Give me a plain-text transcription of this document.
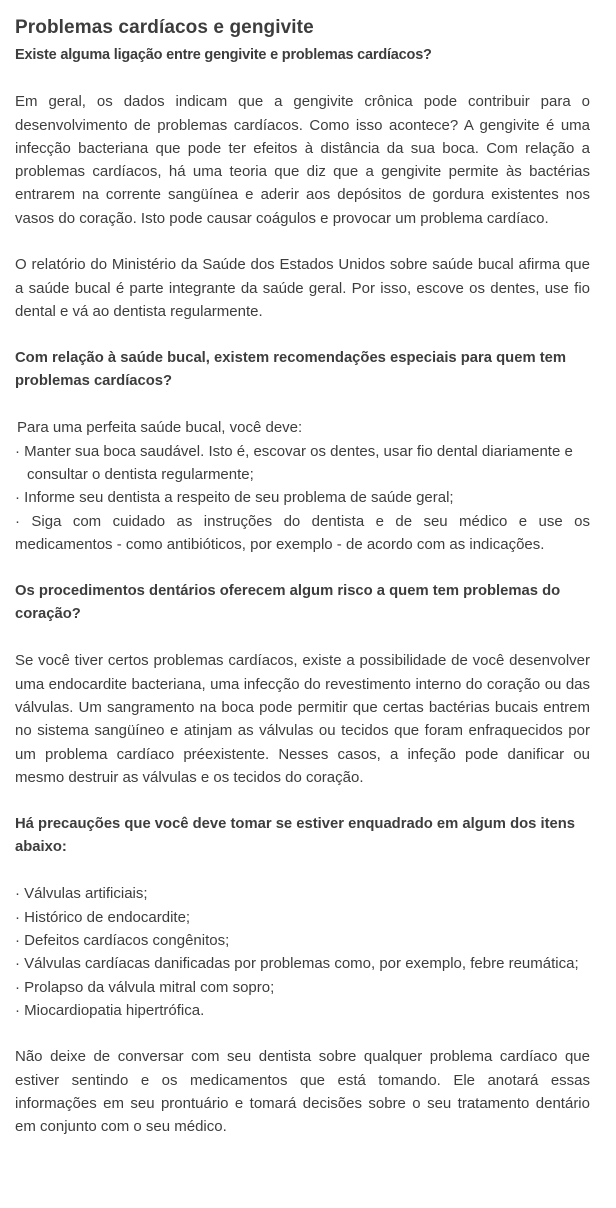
Problemas cardíacos e gengivite
Existe alguma ligação entre gengivite e problemas cardíacos?

Em geral, os dados indicam que a gengivite crônica pode contribuir para o desenvolvimento de problemas cardíacos. Como isso acontece? A gengivite é uma infecção bacteriana que pode ter efeitos à distância da sua boca. Com relação a problemas cardíacos, há uma teoria que diz que a gengivite permite às bactérias entrarem na corrente sangüínea e aderir aos depósitos de gordura existentes nos vasos do coração. Isto pode causar coágulos e provocar um problema cardíaco.

O relatório do Ministério da Saúde dos Estados Unidos sobre saúde bucal afirma que a saúde bucal é parte integrante da saúde geral. Por isso, escove os dentes, use fio dental e vá ao dentista regularmente.

Com relação à saúde bucal, existem recomendações especiais para quem tem problemas cardíacos?

Para uma perfeita saúde bucal, você deve:

· Manter sua boca saudável. Isto é, escovar os dentes, usar fio dental diariamente e consultar o dentista regularmente;

· Informe seu dentista a respeito de seu problema de saúde geral;

· Siga com cuidado as instruções do dentista e de seu médico e use os medicamentos - como antibióticos, por exemplo - de acordo com as indicações.

Os procedimentos dentários oferecem algum risco a quem tem problemas do coração?

Se você tiver certos problemas cardíacos, existe a possibilidade de você desenvolver uma endocardite bacteriana, uma infecção do revestimento interno do coração ou das válvulas. Um sangramento na boca pode permitir que certas bactérias bucais entrem no sistema sangüíneo e atinjam as válvulas ou tecidos que foram enfraquecidos por um problema cardíaco préexistente. Nesses casos, a infeção pode danificar ou mesmo destruir as válvulas e os tecidos do coração.

Há precauções que você deve tomar se estiver enquadrado em algum dos itens abaixo:

· Válvulas artificiais;

· Histórico de endocardite;

· Defeitos cardíacos congênitos;

· Válvulas cardíacas danificadas por problemas como, por exemplo, febre reumática;

· Prolapso da válvula mitral com sopro;

· Miocardiopatia hipertrófica.

Não deixe de conversar com seu dentista sobre qualquer problema cardíaco que estiver sentindo e os medicamentos que está tomando. Ele anotará essas informações em seu prontuário e tomará decisões sobre o seu tratamento dentário em conjunto com o seu médico.
